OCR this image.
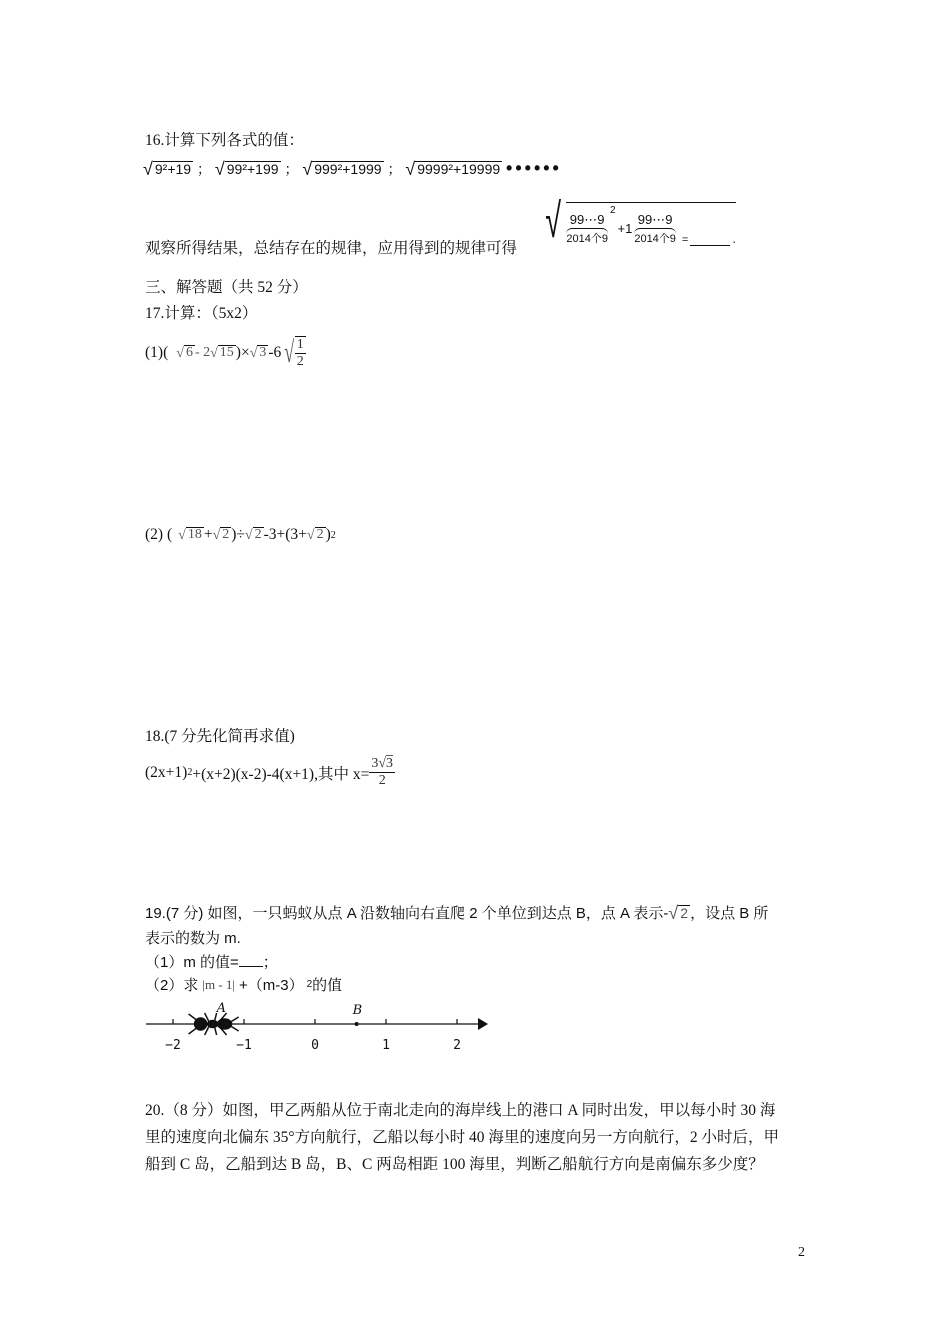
16.计算下列各式的值：
√ 9²+19 ； √ 99²+199 ； √ 999²+1999 ； √ 9999²+19999 ••••••
观察所得结果，总结存在的规律，应用得到的规律可得
√ 99⋯9
2014个9
2
+1
99⋯9
2014个9 =	.
三、解答题（共 52 分）
17.计算：（5x2）
(1)( √ 6 - 2 √ 15 )× √ 3 -6 √ $\frac{1}{2}$
(2) ( √ 18 + √ 2 )÷ √ 2 -3+(3+ √ 2 ) 2
18.(7 分先化简再求值)
(2x+1) 2 +(x+2)(x-2)-4(x+1),其中 $x= \frac{3√3}{2}$
19.(7 分) 如图，一只蚂蚁从点 A 沿数轴向右直爬 2 个单位到达点 B，点 A 表示-√ 2 ，设点 B 所
表示的数为 m.
（1）m 的值= ；
（2）求 |m - 1| +（m-3） 2 的值
−2	−1	0	1	2
A	B
20.（8 分）如图，甲乙两船从位于南北走向的海岸线上的港口 A 同时出发，甲以每小时 30 海
里的速度向北偏东 35°方向航行，乙船以每小时 40 海里的速度向另一方向航行，2 小时后，甲
船到 C 岛，乙船到达 B 岛，B、C 两岛相距 100 海里，判断乙船航行方向是南偏东多少度？
2
